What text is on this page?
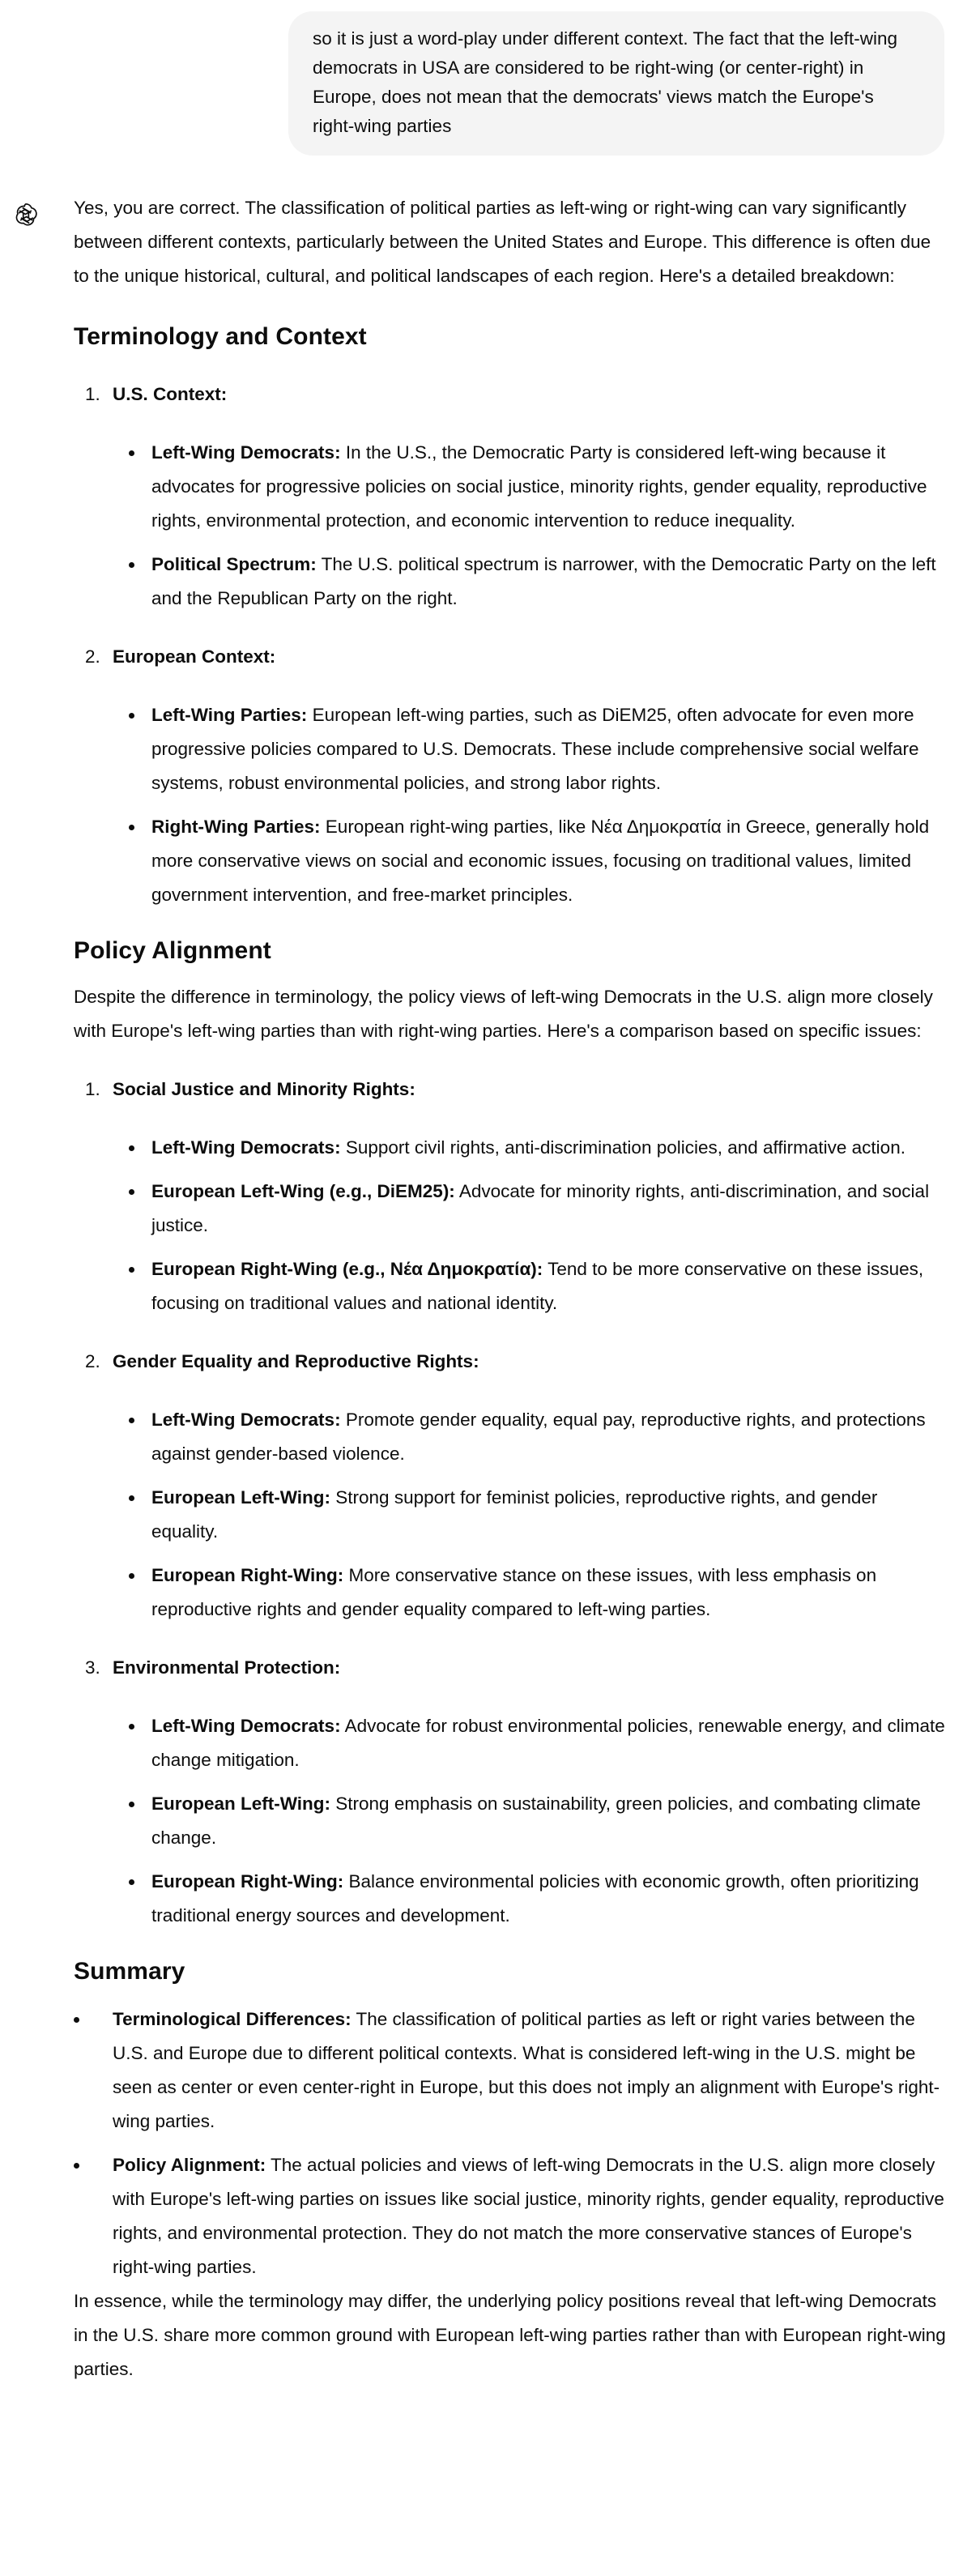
so it is just a word-play under different context. The fact that the left-wing democrats in USA are considered to be right-wing (or center-right) in Europe, does not mean that the democrats' views match the Europe's right-wing parties

Yes, you are correct. The classification of political parties as left-wing or right-wing can vary significantly between different contexts, particularly between the United States and Europe. This difference is often due to the unique historical, cultural, and political landscapes of each region. Here's a detailed breakdown:

Terminology and Context
1. U.S. Context:
Left-Wing Democrats: In the U.S., the Democratic Party is considered left-wing because it advocates for progressive policies on social justice, minority rights, gender equality, reproductive rights, environmental protection, and economic intervention to reduce inequality.
Political Spectrum: The U.S. political spectrum is narrower, with the Democratic Party on the left and the Republican Party on the right.
2. European Context:
Left-Wing Parties: European left-wing parties, such as DiEM25, often advocate for even more progressive policies compared to U.S. Democrats. These include comprehensive social welfare systems, robust environmental policies, and strong labor rights.
Right-Wing Parties: European right-wing parties, like Νέα Δημοκρατία in Greece, generally hold more conservative views on social and economic issues, focusing on traditional values, limited government intervention, and free-market principles.
Policy Alignment

Despite the difference in terminology, the policy views of left-wing Democrats in the U.S. align more closely with Europe's left-wing parties than with right-wing parties. Here's a comparison based on specific issues:

1. Social Justice and Minority Rights:
Left-Wing Democrats: Support civil rights, anti-discrimination policies, and affirmative action.
European Left-Wing (e.g., DiEM25): Advocate for minority rights, anti-discrimination, and social justice.
European Right-Wing (e.g., Νέα Δημοκρατία): Tend to be more conservative on these issues, focusing on traditional values and national identity.
2. Gender Equality and Reproductive Rights:
Left-Wing Democrats: Promote gender equality, equal pay, reproductive rights, and protections against gender-based violence.
European Left-Wing: Strong support for feminist policies, reproductive rights, and gender equality.
European Right-Wing: More conservative stance on these issues, with less emphasis on reproductive rights and gender equality compared to left-wing parties.
3. Environmental Protection:
Left-Wing Democrats: Advocate for robust environmental policies, renewable energy, and climate change mitigation.
European Left-Wing: Strong emphasis on sustainability, green policies, and combating climate change.
European Right-Wing: Balance environmental policies with economic growth, often prioritizing traditional energy sources and development.
Summary
Terminological Differences: The classification of political parties as left or right varies between the U.S. and Europe due to different political contexts. What is considered left-wing in the U.S. might be seen as center or even center-right in Europe, but this does not imply an alignment with Europe's right-wing parties.
Policy Alignment: The actual policies and views of left-wing Democrats in the U.S. align more closely with Europe's left-wing parties on issues like social justice, minority rights, gender equality, reproductive rights, and environmental protection. They do not match the more conservative stances of Europe's right-wing parties.

In essence, while the terminology may differ, the underlying policy positions reveal that left-wing Democrats in the U.S. share more common ground with European left-wing parties rather than with European right-wing parties.
